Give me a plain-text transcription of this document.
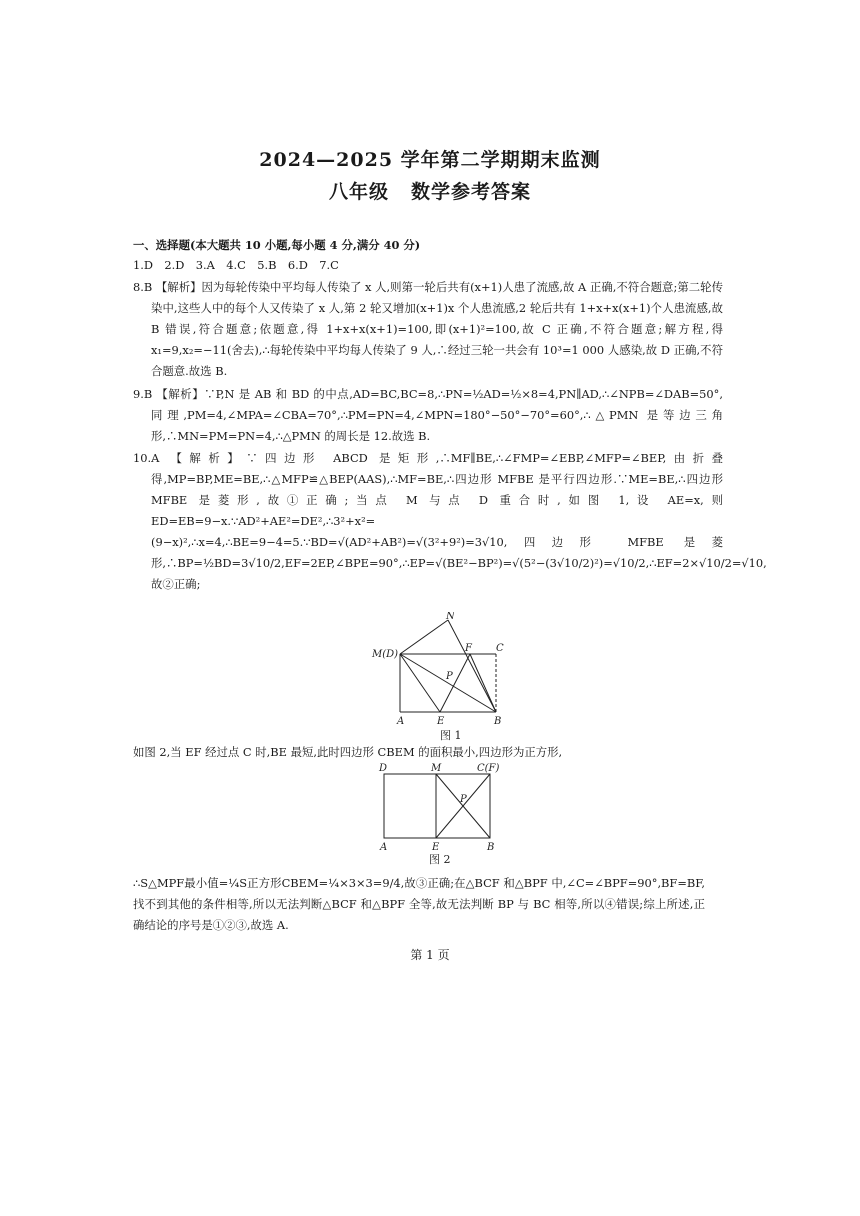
2024—2025 学年第二学期期末监测
八年级 数学参考答案

一、选择题(本大题共 10 小题,每小题 4 分,满分 40 分)

1.D　2.D　3.A　4.C　5.B　6.D　7.C

8.B 【解析】因为每轮传染中平均每人传染了 x 人,则第一轮后共有(x+1)人患了流感,故 A 正确,不符合题意;第二轮传染中,这些人中的每个人又传染了 x 人,第 2 轮又增加(x+1)x 个人患流感,2 轮后共有 1+x+x(x+1)个人患流感,故 B 错误,符合题意;依题意,得 1+x+x(x+1)=100,即(x+1)²=100,故 C 正确,不符合题意;解方程,得 x₁=9,x₂=−11(舍去),∴每轮传染中平均每人传染了 9 人,∴经过三轮一共会有 10³=1 000 人感染,故 D 正确,不符合题意.故选 B.

9.B 【解析】∵P,N 是 AB 和 BD 的中点,AD=BC,BC=8,∴PN=½AD=½×8=4,PN∥AD,∴∠NPB=∠DAB=50°,同理,PM=4,∠MPA=∠CBA=70°,∴PM=PN=4,∠MPN=180°−50°−70°=60°,∴△PMN 是等边三角形,∴MN=PM=PN=4,∴△PMN 的周长是 12.故选 B.

10.A 【解析】∵四边形 ABCD 是矩形,∴MF∥BE,∴∠FMP=∠EBP,∠MFP=∠BEP,由折叠得,MP=BP,ME=BE,∴△MFP≌△BEP(AAS),∴MF=BE,∴四边形 MFBE 是平行四边形.∵ME=BE,∴四边形 MFBE 是菱形,故①正确;当点 M 与点 D 重合时,如图 1,设 AE=x,则 ED=EB=9−x.∵AD²+AE²=DE²,∴3²+x²=(9−x)²,∴x=4,∴BE=9−4=5.∵BD=√(AD²+AB²)=√(3²+9²)=3√10,四边形 MFBE 是菱形,∴BP=½BD=3√10/2,EF=2EP,∠BPE=90°,∴EP=√(BE²−BP²)=√(5²−(3√10/2)²)=√10/2,∴EF=2×√10/2=√10,故②正确;

N
M(D)
F C
P
A	E	B
图 1

如图 2,当 EF 经过点 C 时,BE 最短,此时四边形 CBEM 的面积最小,四边形为正方形,

D	M	C(F)
P
A	E	B
图 2

∴S△MPF最小值=¼S正方形CBEM=¼×3×3=9/4,故③正确;在△BCF 和△BPF 中,∠C=∠BPF=90°,BF=BF,找不到其他的条件相等,所以无法判断△BCF 和△BPF 全等,故无法判断 BP 与 BC 相等,所以④错误;综上所述,正确结论的序号是①②③,故选 A.

第 1 页
